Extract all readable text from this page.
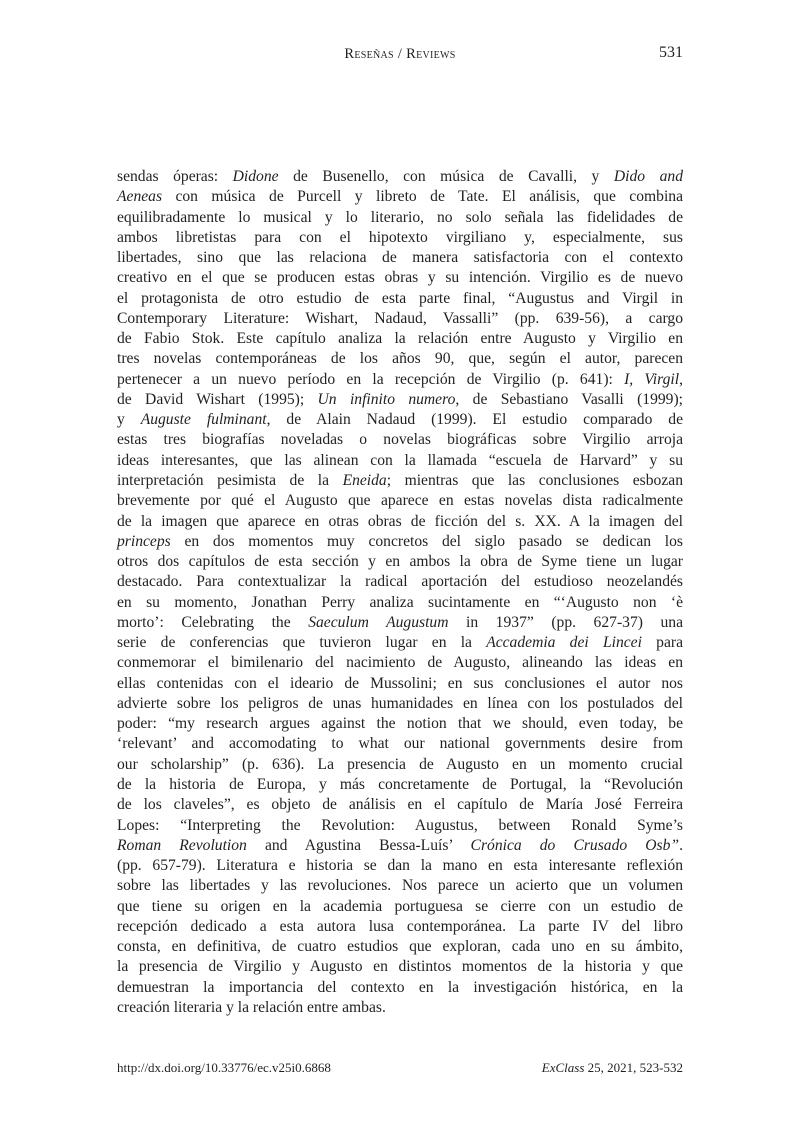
Reseñas / Reviews	531
sendas óperas: Didone de Busenello, con música de Cavalli, y Dido and
Aeneas con música de Purcell y libreto de Tate. El análisis, que combina
equilibradamente lo musical y lo literario, no solo señala las fidelidades de
ambos libretistas para con el hipotexto virgiliano y, especialmente, sus
libertades, sino que las relaciona de manera satisfactoria con el contexto
creativo en el que se producen estas obras y su intención. Virgilio es de nuevo
el protagonista de otro estudio de esta parte final, “Augustus and Virgil in
Contemporary Literature: Wishart, Nadaud, Vassalli” (pp. 639-56), a cargo
de Fabio Stok. Este capítulo analiza la relación entre Augusto y Virgilio en
tres novelas contemporáneas de los años 90, que, según el autor, parecen
pertenecer a un nuevo período en la recepción de Virgilio (p. 641): I, Virgil,
de David Wishart (1995); Un infinito numero, de Sebastiano Vasalli (1999);
y Auguste fulminant, de Alain Nadaud (1999). El estudio comparado de
estas tres biografías noveladas o novelas biográficas sobre Virgilio arroja
ideas interesantes, que las alinean con la llamada “escuela de Harvard” y su
interpretación pesimista de la Eneida; mientras que las conclusiones esbozan
brevemente por qué el Augusto que aparece en estas novelas dista radicalmente
de la imagen que aparece en otras obras de ficción del s. XX. A la imagen del
princeps en dos momentos muy concretos del siglo pasado se dedican los
otros dos capítulos de esta sección y en ambos la obra de Syme tiene un lugar
destacado. Para contextualizar la radical aportación del estudioso neozelandés
en su momento, Jonathan Perry analiza sucintamente en “‘Augusto non ‘è
morto’: Celebrating the Saeculum Augustum in 1937” (pp. 627-37) una
serie de conferencias que tuvieron lugar en la Accademia dei Lincei para
conmemorar el bimilenario del nacimiento de Augusto, alineando las ideas en
ellas contenidas con el ideario de Mussolini; en sus conclusiones el autor nos
advierte sobre los peligros de unas humanidades en línea con los postulados del
poder: “my research argues against the notion that we should, even today, be
‘relevant’ and accomodating to what our national governments desire from
our scholarship” (p. 636). La presencia de Augusto en un momento crucial
de la historia de Europa, y más concretamente de Portugal, la “Revolución
de los claveles”, es objeto de análisis en el capítulo de María José Ferreira
Lopes: “Interpreting the Revolution: Augustus, between Ronald Syme’s
Roman Revolution and Agustina Bessa-Luís’ Crónica do Crusado Osb”.
(pp. 657-79). Literatura e historia se dan la mano en esta interesante reflexión
sobre las libertades y las revoluciones. Nos parece un acierto que un volumen
que tiene su origen en la academia portuguesa se cierre con un estudio de
recepción dedicado a esta autora lusa contemporánea. La parte IV del libro
consta, en definitiva, de cuatro estudios que exploran, cada uno en su ámbito,
la presencia de Virgilio y Augusto en distintos momentos de la historia y que
demuestran la importancia del contexto en la investigación histórica, en la
creación literaria y la relación entre ambas.
http://dx.doi.org/10.33776/ec.v25i0.6868	ExClass 25, 2021, 523-532
